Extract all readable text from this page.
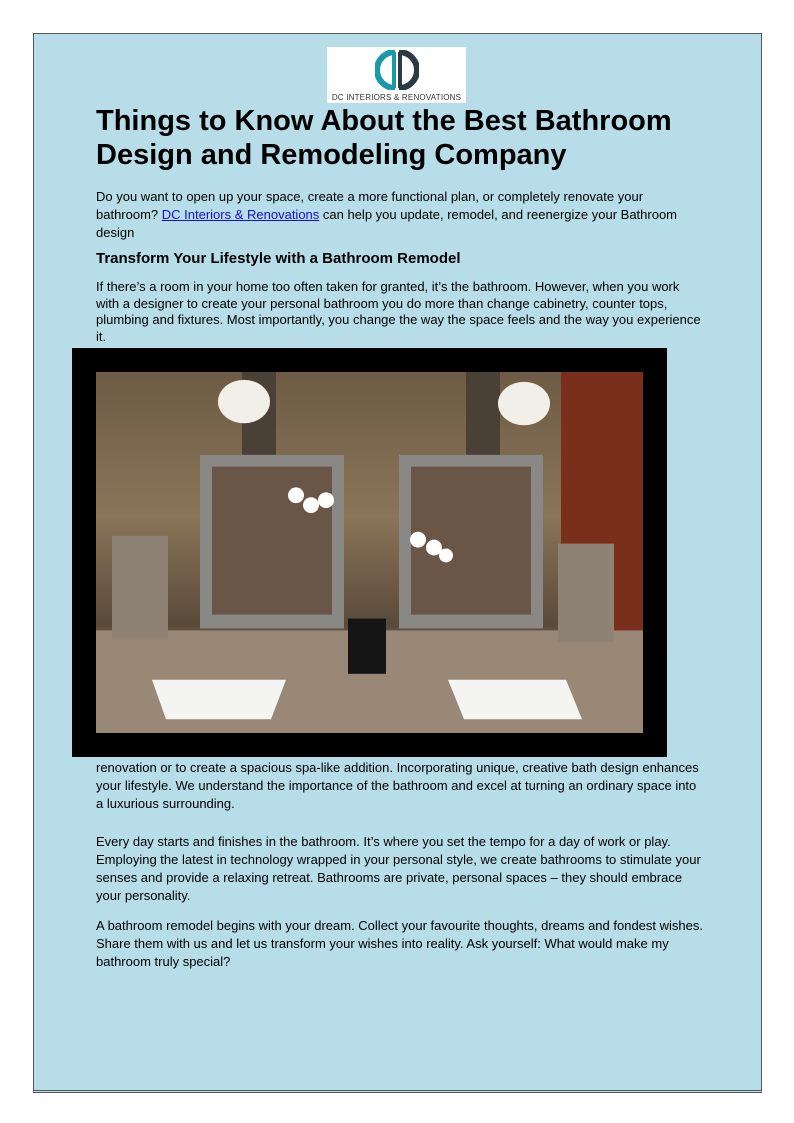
DC INTERIORS & RENOVATIONS
Things to Know About the Best Bathroom Design and Remodeling Company

Do you want to open up your space, create a more functional plan, or completely renovate your bathroom? DC Interiors & Renovations can help you update, remodel, and reenergize your Bathroom design

Transform Your Lifestyle with a Bathroom Remodel

If there’s a room in your home too often taken for granted, it’s the bathroom. However, when you work with a designer to create your personal bathroom you do more than change cabinetry, counter tops, plumbing and fixtures. Most importantly, you change the way the space feels and the way you experience it.

Our interior designers know how to blend functional, timeless and unique amenities for a simple renovation or to create a spacious spa-like addition. Incorporating unique, creative bath design enhances your lifestyle. We understand the importance of the bathroom and excel at turning an ordinary space into a luxurious surrounding.

Every day starts and finishes in the bathroom. It’s where you set the tempo for a day of work or play. Employing the latest in technology wrapped in your personal style, we create bathrooms to stimulate your senses and provide a relaxing retreat. Bathrooms are private, personal spaces – they should embrace your personality.

A bathroom remodel begins with your dream. Collect your favourite thoughts, dreams and fondest wishes. Share them with us and let us transform your wishes into reality. Ask yourself: What would make my bathroom truly special?
